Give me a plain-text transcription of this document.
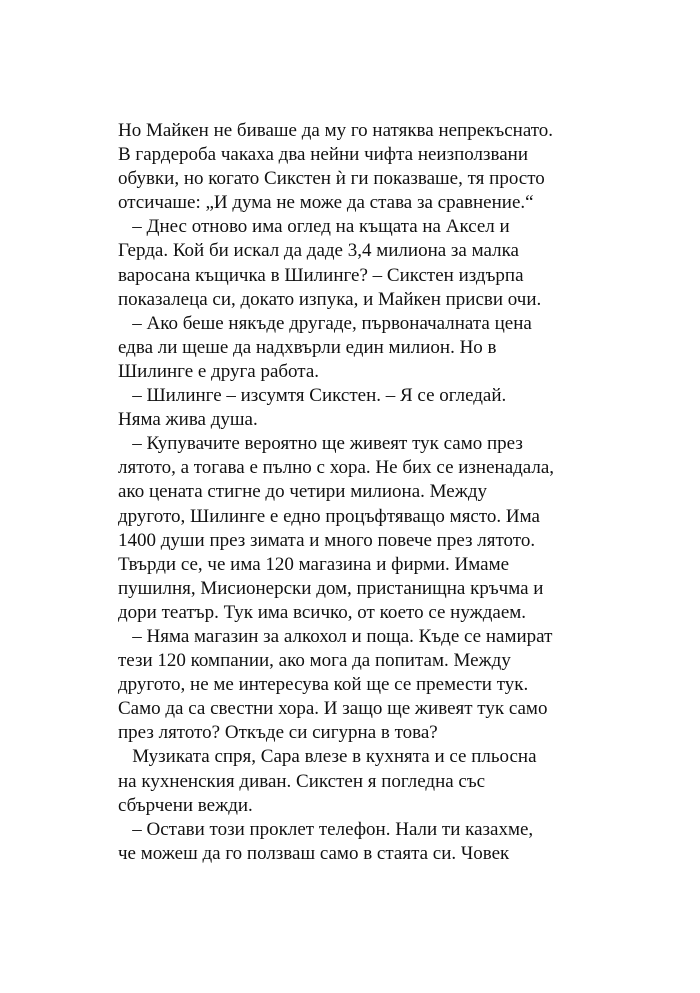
Но Майкен не биваше да му го натяква непрекъснато.
В гардероба чакаха два нейни чифта неизползвани
обувки, но когато Сикстен ѝ ги показваше, тя просто
отсичаше: „И дума не може да става за сравнение.“
– Днес отново има оглед на къщата на Аксел и
Герда. Кой би искал да даде 3,4 милиона за малка
варосана къщичка в Шилинге? – Сикстен издърпа
показалеца си, докато изпука, и Майкен присви очи.
– Ако беше някъде другаде, първоначалната цена
едва ли щеше да надхвърли един милион. Но в
Шилинге е друга работа.
– Шилинге – изсумтя Сикстен. – Я се огледай.
Няма жива душа.
– Купувачите вероятно ще живеят тук само през
лятото, а тогава е пълно с хора. Не бих се изненадала,
ако цената стигне до четири милиона. Между
другото, Шилинге е едно процъфтяващо място. Има
1400 души през зимата и много повече през лятото.
Твърди се, че има 120 магазина и фирми. Имаме
пушилня, Мисионерски дом, пристанищна кръчма и
дори театър. Тук има всичко, от което се нуждаем.
– Няма магазин за алкохол и поща. Къде се намират
тези 120 компании, ако мога да попитам. Между
другото, не ме интересува кой ще се премести тук.
Само да са свестни хора. И защо ще живеят тук само
през лятото? Откъде си сигурна в това?
Музиката спря, Сара влезе в кухнята и се пльосна
на кухненския диван. Сикстен я погледна със
сбърчени вежди.
– Остави този проклет телефон. Нали ти казахме,
че можеш да го ползваш само в стаята си. Човек
